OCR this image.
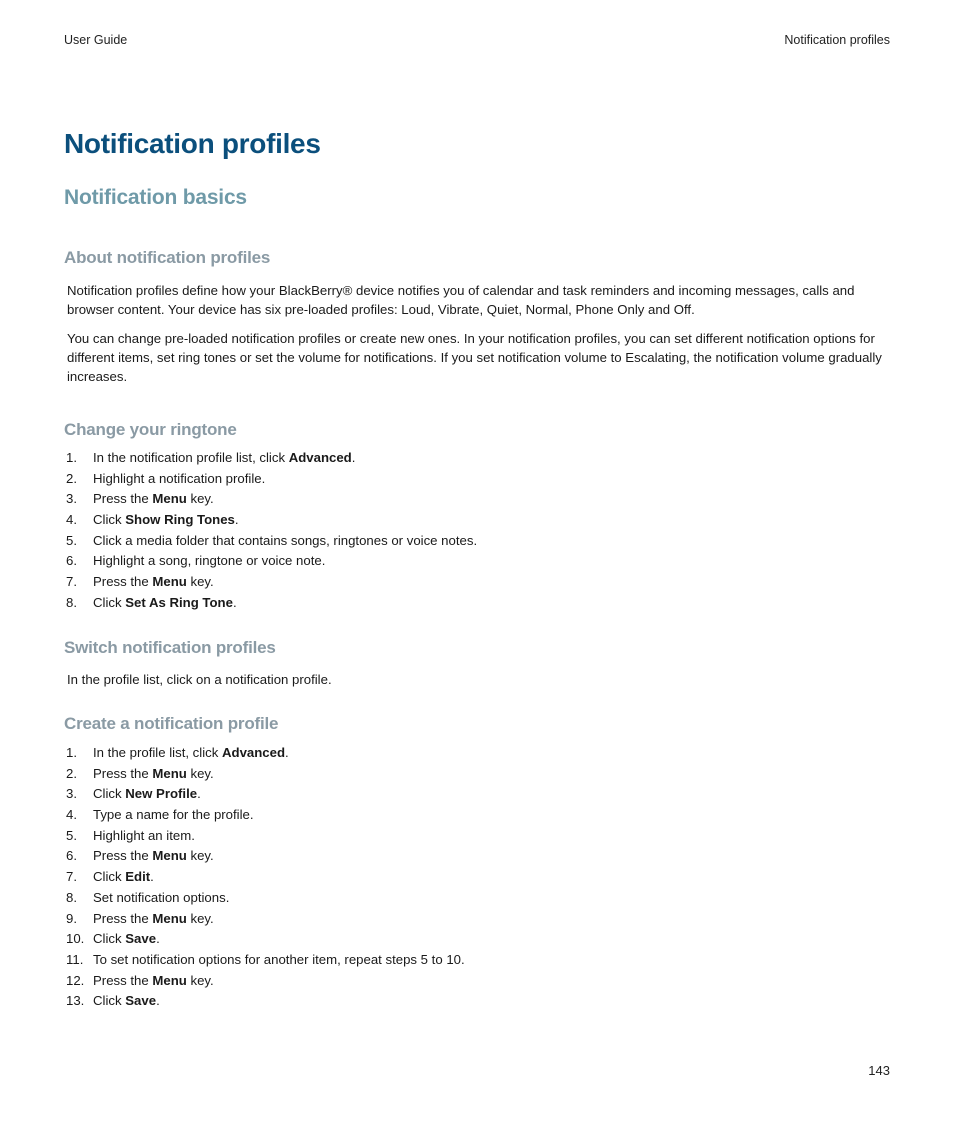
User Guide	Notification profiles
Notification profiles
Notification basics
About notification profiles

Notification profiles define how your BlackBerry® device notifies you of calendar and task reminders and incoming messages, calls and browser content. Your device has six pre-loaded profiles: Loud, Vibrate, Quiet, Normal, Phone Only and Off.

You can change pre-loaded notification profiles or create new ones. In your notification profiles, you can set different notification options for different items, set ring tones or set the volume for notifications. If you set notification volume to Escalating, the notification volume gradually increases.

Change your ringtone
1.	In the notification profile list, click Advanced.
2.	Highlight a notification profile.
3.	Press the Menu key.
4.	Click Show Ring Tones.
5.	Click a media folder that contains songs, ringtones or voice notes.
6.	Highlight a song, ringtone or voice note.
7.	Press the Menu key.
8.	Click Set As Ring Tone.
Switch notification profiles

In the profile list, click on a notification profile.

Create a notification profile
1.	In the profile list, click Advanced.
2.	Press the Menu key.
3.	Click New Profile.
4.	Type a name for the profile.
5.	Highlight an item.
6.	Press the Menu key.
7.	Click Edit.
8.	Set notification options.
9.	Press the Menu key.
10. Click Save.
11. To set notification options for another item, repeat steps 5 to 10.
12. Press the Menu key.
13. Click Save.
143
